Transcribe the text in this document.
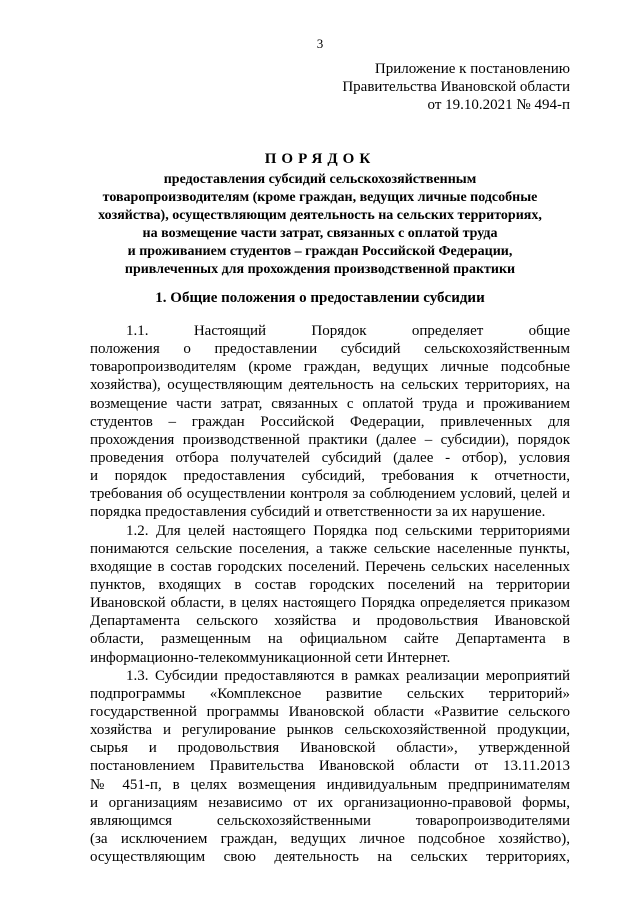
3
Приложение к постановлению
Правительства Ивановской области
от 19.10.2021 № 494-п
ПОРЯДОК
предоставления субсидий сельскохозяйственным
товаропроизводителям (кроме граждан, ведущих личные подсобные
хозяйства), осуществляющим деятельность на сельских территориях,
на возмещение части затрат, связанных с оплатой труда
и проживанием студентов – граждан Российской Федерации,
привлеченных для прохождения производственной практики
1. Общие положения о предоставлении субсидии
1.1. Настоящий Порядок определяет общие
положения о предоставлении субсидий сельскохозяйственным
товаропроизводителям (кроме граждан, ведущих личные подсобные
хозяйства), осуществляющим деятельность на сельских территориях, на
возмещение части затрат, связанных с оплатой труда и проживанием
студентов – граждан Российской Федерации, привлеченных для
прохождения производственной практики (далее – субсидии), порядок
проведения отбора получателей субсидий (далее - отбор), условия
и порядок предоставления субсидий, требования к отчетности,
требования об осуществлении контроля за соблюдением условий, целей и
порядка предоставления субсидий и ответственности за их нарушение.
1.2. Для целей настоящего Порядка под сельскими территориями
понимаются сельские поселения, а также сельские населенные пункты,
входящие в состав городских поселений. Перечень сельских населенных
пунктов, входящих в состав городских поселений на территории
Ивановской области, в целях настоящего Порядка определяется приказом
Департамента сельского хозяйства и продовольствия Ивановской
области, размещенным на официальном сайте Департамента в
информационно-телекоммуникационной сети Интернет.
1.3. Субсидии предоставляются в рамках реализации мероприятий
подпрограммы «Комплексное развитие сельских территорий»
государственной программы Ивановской области «Развитие сельского
хозяйства и регулирование рынков сельскохозяйственной продукции,
сырья и продовольствия Ивановской области», утвержденной
постановлением Правительства Ивановской области от 13.11.2013
№ 451-п, в целях возмещения индивидуальным предпринимателям
и организациям независимо от их организационно-правовой формы,
являющимся сельскохозяйственными товаропроизводителями
(за исключением граждан, ведущих личное подсобное хозяйство),
осуществляющим свою деятельность на сельских территориях,
